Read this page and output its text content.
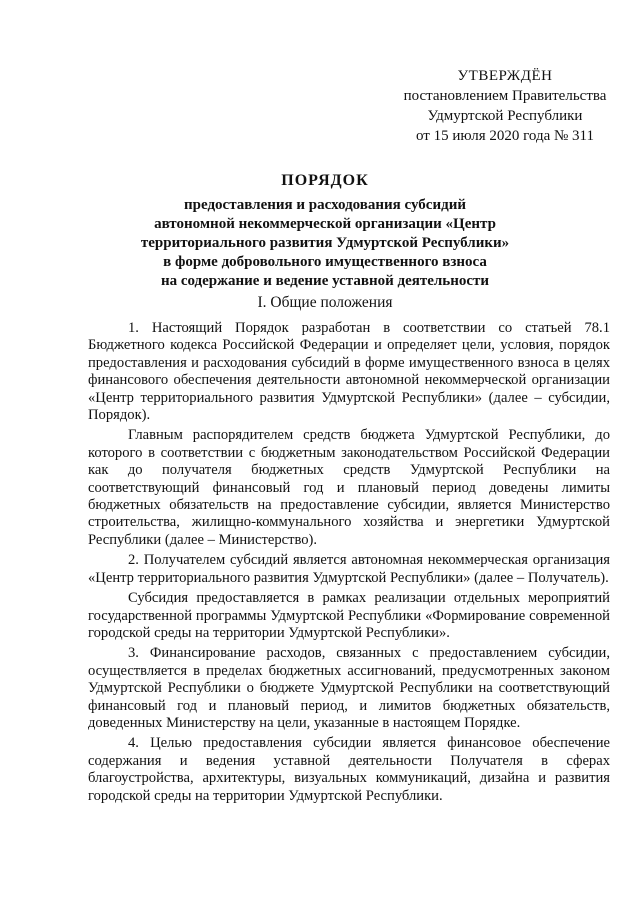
УТВЕРЖДЁН
постановлением Правительства
Удмуртской Республики
от 15 июля 2020 года № 311
ПОРЯДОК
предоставления и расходования субсидий
автономной некоммерческой организации «Центр
территориального развития Удмуртской Республики»
в форме добровольного имущественного взноса
на содержание и ведение уставной деятельности
I. Общие положения

1. Настоящий Порядок разработан в соответствии со статьей 78.1 Бюджетного кодекса Российской Федерации и определяет цели, условия, порядок предоставления и расходования субсидий в форме имущественного взноса в целях финансового обеспечения деятельности автономной некоммерческой организации «Центр территориального развития Удмуртской Республики» (далее – субсидии, Порядок).

Главным распорядителем средств бюджета Удмуртской Республики, до которого в соответствии с бюджетным законодательством Российской Федерации как до получателя бюджетных средств Удмуртской Республики на соответствующий финансовый год и плановый период доведены лимиты бюджетных обязательств на предоставление субсидии, является Министерство строительства, жилищно-коммунального хозяйства и энергетики Удмуртской Республики (далее – Министерство).

2. Получателем субсидий является автономная некоммерческая организация «Центр территориального развития Удмуртской Республики» (далее – Получатель).

Субсидия предоставляется в рамках реализации отдельных мероприятий государственной программы Удмуртской Республики «Формирование современной городской среды на территории Удмуртской Республики».

3. Финансирование расходов, связанных с предоставлением субсидии, осуществляется в пределах бюджетных ассигнований, предусмотренных законом Удмуртской Республики о бюджете Удмуртской Республики на соответствующий финансовый год и плановый период, и лимитов бюджетных обязательств, доведенных Министерству на цели, указанные в настоящем Порядке.

4. Целью предоставления субсидии является финансовое обеспечение содержания и ведения уставной деятельности Получателя в сферах благоустройства, архитектуры, визуальных коммуникаций, дизайна и развития городской среды на территории Удмуртской Республики.
